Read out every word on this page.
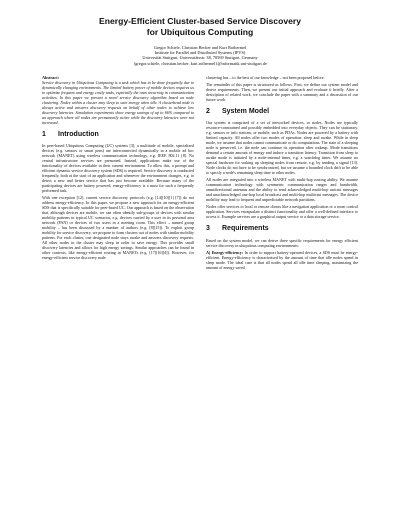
Energy-Efficient Cluster-based Service Discovery
for Ubiquitous Computing
Gregor Schiele, Christian Becker and Kurt Rothermel
Institute for Parallel and Distributed Systems (IPVS)
Universität Stuttgart, Universitätsstr. 38, 70569 Stuttgart, Germany
{gregor.schiele, christian.becker, kurt.rothermel}@informatik.uni-stuttgart.de

Abstract:

Service discovery in Ubiquitous Computing is a task which has to be done frequently due to dynamically changing environments. The limited battery power of mobile devices requires us to optimize frequent and energy costly tasks, especially the ones incurring in communication activities. In this paper we present a novel service discovery algorithm based on node clustering. Nodes within a cluster may sleep to save energy when idle. A clusterhead node is always active and answers discovery requests on behalf of other nodes to achieve low discovery latencies. Simulation experiments show energy savings of up to 66% compared to an approach where all nodes are permanently active while the discovery latencies were not increased.

1	Introduction

In peer-based Ubiquitous Computing (UC) systems [3], a multitude of mobile, specialized devices (e.g. sensors or smart pens) are interconnected dynamically in a mobile ad hoc network (MANET) using wireless communication technology, e.g. IEEE 802.11 [8]. No central infrastructure services are presumed. Instead, applications make use of the functionality of devices available in their current environment. To allow this, a prompt and efficient dynamic service discovery system (SDS) is required. Service discovery is conducted frequently, both at the start of an application and whenever the environment changes, e.g. to detect a new and better service that has just become available. Because many of the participating devices are battery powered, energy-efficiency is a must for such a frequently performed task.

With one exception [12], current service discovery protocols (e.g. [14][10][1] [7]) do not address energy-efficiency. In this paper, we propose a new approach for an energy-efficient SDS that is specifically suitable for peer-based UC. Our approach is based on the observation that, although devices are mobile, we can often identify sub-groups of devices with similar mobility patterns in typical UC scenarios, e.g. devices carried by a user in its personal area network (PAN) or devices of two users in a meeting room. This effect – named group mobility – has been discussed by a number of authors (e.g. [8][15]). To exploit group mobility for service discovery, we propose to form clusters out of nodes with similar mobility patterns. For each cluster, one designated node stays awake and answers discovery requests. All other nodes in the cluster may sleep in order to save energy. This provides small discovery latencies and allows for high energy savings. Similar approaches can be found in other contexts, like energy-efficient routing in MANETs (e.g. [17][16][4]). However, for energy-efficient service discovery node

clustering has – to the best of our knowledge – not been proposed before.

The remainder of this paper is structured as follows. First, we define our system model and derive requirements. Then, we present our initial approach and evaluate it briefly. After a description of related work, we conclude the paper with a summary and a discussion of our future work.

2	System Model

Our system is comprised of a set of networked devices, or nodes. Nodes are typically resource-constrained and possibly embedded into everyday objects. They can be stationary, e.g. sensors or info stations, or mobile, such as PDAs. Nodes are powered by a battery with limited capacity. All nodes offer two modes of operation: sleep and awake. While in sleep mode, we assume that nodes cannot communicate or do computations. The state of a sleeping node is preserved, i.e. the node can continue its operation after wakeup. Mode transitions demand a certain amount of energy and induce a transition latency. Transition from sleep to awake mode is initiated by a node-internal timer, e.g. a watchdog timer. We assume no special hardware for waking up sleeping nodes from remote, e.g. by sending a signal [13]. Node clocks do not have to be synchronized, but we assume a bounded clock drift to be able to specify a node's remaining sleep time to other nodes.

All nodes are integrated into a wireless MANET with multi-hop routing ability. We assume communication technology with symmetric communication ranges and bandwidth, omnidirectional antennas and the ability to send acknowledged multi-hop unicast messages and unacknowledged one-hop local broadcast and multi-hop multicast messages. The device mobility may lead to frequent and unpredictable network partitions.

Nodes offer services to local or remote clients like a navigation application or a room control application. Services encapsulate a distinct functionality and offer a well-defined interface to access it. Example services are a graphical output service or a data storage service.

3	Requirements

Based on the system model, we can derive three specific requirements for energy efficient service discovery in ubiquitous computing environments:

A) Energy-efficiency: In order to support battery-operated devices, a SDS must be energy-efficient. Energy-efficiency is characterised by the amount of time that idle nodes spend in sleep mode. The ideal case is that all nodes spend all idle time sleeping, maximizing the amount of energy saved
